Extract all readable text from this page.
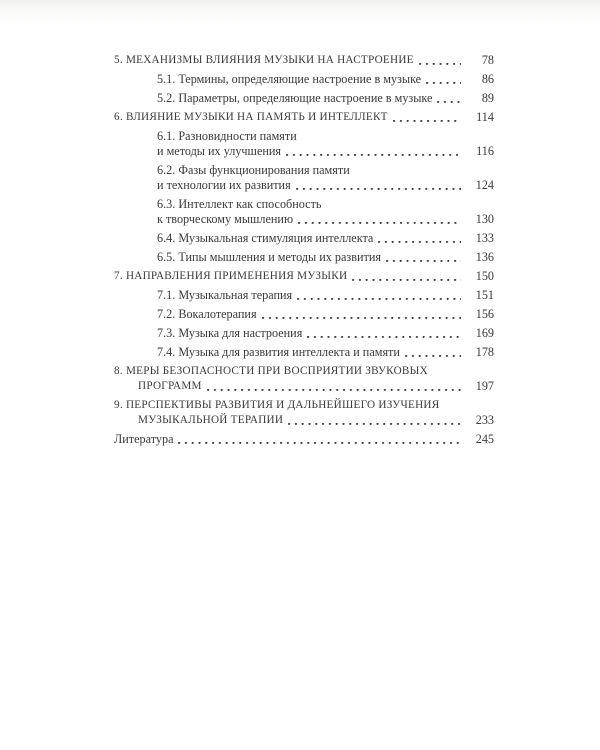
5. МЕХАНИЗМЫ ВЛИЯНИЯ МУЗЫКИ НА НАСТРОЕНИЕ	78
5.1. Термины, определяющие настроение в музыке	86
5.2. Параметры, определяющие настроение в музыке	89
6. ВЛИЯНИЕ МУЗЫКИ НА ПАМЯТЬ И ИНТЕЛЛЕКТ	114
6.1. Разновидности памяти
и методы их улучшения	116
6.2. Фазы функционирования памяти
и технологии их развития	124
6.3. Интеллект как способность
к творческому мышлению	130
6.4. Музыкальная стимуляция интеллекта	133
6.5. Типы мышления и методы их развития	136
7. НАПРАВЛЕНИЯ ПРИМЕНЕНИЯ МУЗЫКИ	150
7.1. Музыкальная терапия	151
7.2. Вокалотерапия	156
7.3. Музыка для настроения	169
7.4. Музыка для развития интеллекта и памяти	178
8. МЕРЫ БЕЗОПАСНОСТИ ПРИ ВОСПРИЯТИИ ЗВУКОВЫХ
ПРОГРАММ	197
9. ПЕРСПЕКТИВЫ РАЗВИТИЯ И ДАЛЬНЕЙШЕГО ИЗУЧЕНИЯ
МУЗЫКАЛЬНОЙ ТЕРАПИИ	233
Литература	245
